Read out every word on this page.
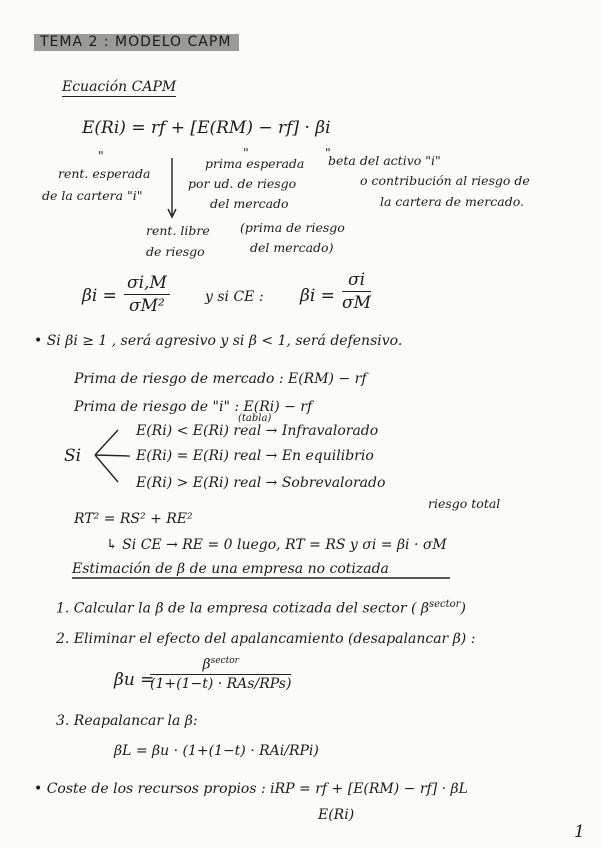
TEMA 2 : MODELO CAPM
Ecuación CAPM
E(Ri) = rf + [E(RM) − rf] · βi
"	"	"
rent. esperada
de la cartera "i"
prima esperada
por ud. de riesgo
del mercado
beta del activo "i"
o contribución al riesgo de
la cartera de mercado.
rent. libre
de riesgo
(prima de riesgo
del mercado)
$\beta i = \frac{\sigma i,M}{\text{σM²}}$	y si CE : $\beta i = \frac{\sigma i}{\sigma M}$
• Si βi ≥ 1 , será agresivo y si β < 1, será defensivo.
Prima de riesgo de mercado : E(RM) − rf
(tabla)
Prima de riesgo de "i" : E(Ri) − rf
Si
E(Ri) < E(Ri) real → Infravalorado
E(Ri) = E(Ri) real → En equilibrio
E(Ri) > E(Ri) real → Sobrevalorado
riesgo total
RT² = RS² + RE²
↳ Si CE → RE = 0 luego, RT = RS y σi = βi · σM
Estimación de β de una empresa no cotizada
1. Calcular la β de la empresa cotizada del sector ( $\beta^{sector}$)
2. Eliminar el efecto del apalancamiento (desapalancar β) :
βu =
$\beta^{sector}$
(1+(1−t) · RAs/RPs)
3. Reapalancar la β:
βL = βu · (1+(1−t) · RAi/RPi)
• Coste de los recursos propios : iRP = rf + [E(RM) − rf] · βL
E(Ri)
1
